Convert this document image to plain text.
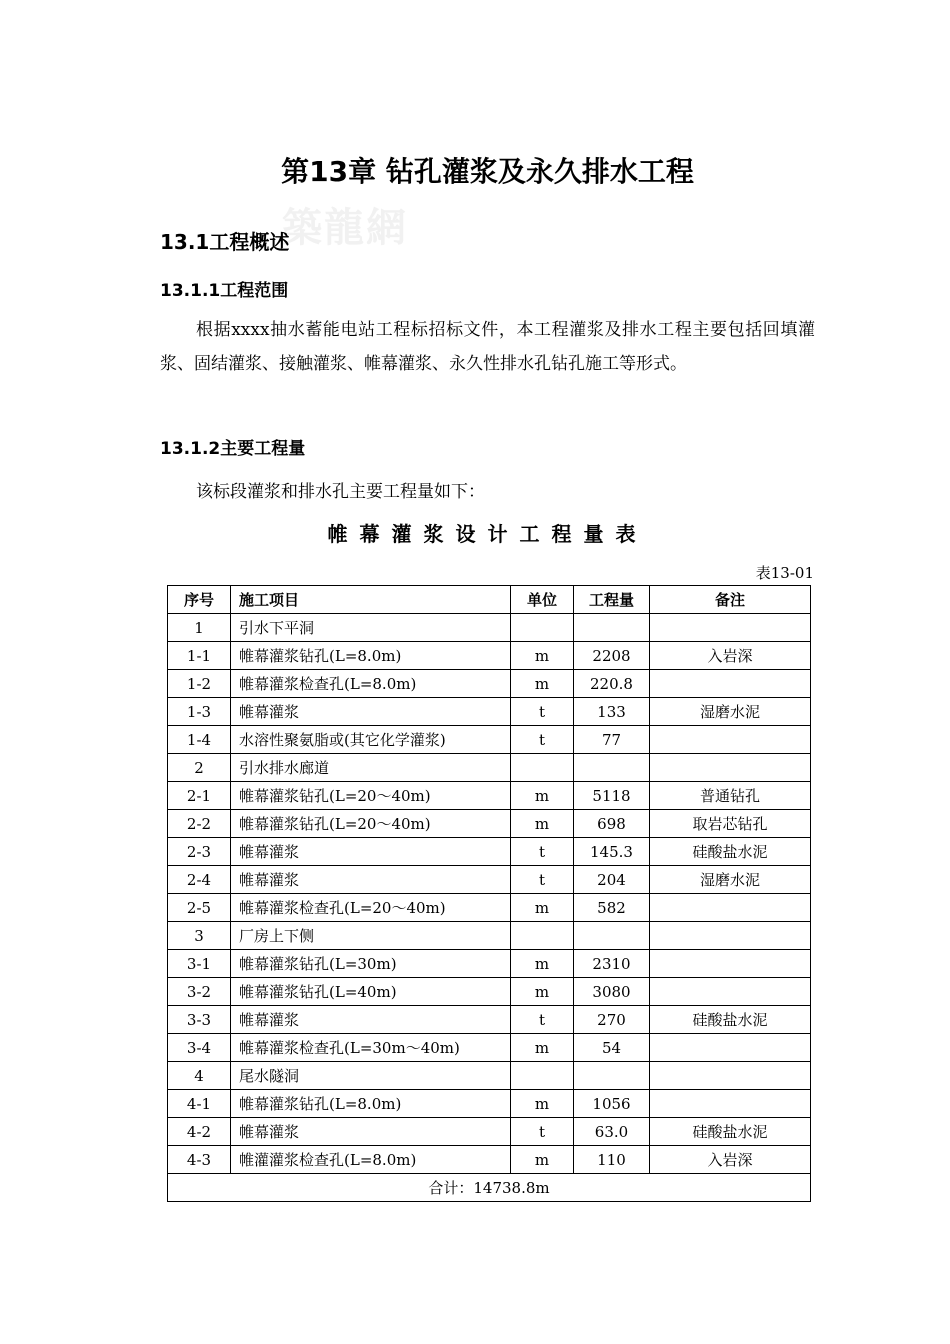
築龍網
第13章 钻孔灌浆及永久排水工程
13.1工程概述
13.1.1工程范围
根据xxxx抽水蓄能电站工程标招标文件，本工程灌浆及排水工程主要包括回填灌浆、固结灌浆、接触灌浆、帷幕灌浆、永久性排水孔钻孔施工等形式。
13.1.2主要工程量
该标段灌浆和排水孔主要工程量如下：
帷幕灌浆设计工程量表
表13-01
序号	施工项目	单位	工程量	备注
1	引水下平洞			
1-1	帷幕灌浆钻孔(L=8.0m)	m	2208	入岩深
1-2	帷幕灌浆检查孔(L=8.0m)	m	220.8	
1-3	帷幕灌浆	t	133	湿磨水泥
1-4	水溶性聚氨脂或(其它化学灌浆)	t	77	
2	引水排水廊道			
2-1	帷幕灌浆钻孔(L=20～40m)	m	5118	普通钻孔
2-2	帷幕灌浆钻孔(L=20～40m)	m	698	取岩芯钻孔
2-3	帷幕灌浆	t	145.3	硅酸盐水泥
2-4	帷幕灌浆	t	204	湿磨水泥
2-5	帷幕灌浆检查孔(L=20～40m)	m	582	
3	厂房上下侧			
3-1	帷幕灌浆钻孔(L=30m)	m	2310	
3-2	帷幕灌浆钻孔(L=40m)	m	3080	
3-3	帷幕灌浆	t	270	硅酸盐水泥
3-4	帷幕灌浆检查孔(L=30m～40m)	m	54	
4	尾水隧洞			
4-1	帷幕灌浆钻孔(L=8.0m)	m	1056	
4-2	帷幕灌浆	t	63.0	硅酸盐水泥
4-3	帷灌灌浆检查孔(L=8.0m)	m	110	入岩深
合计：14738.8m				
